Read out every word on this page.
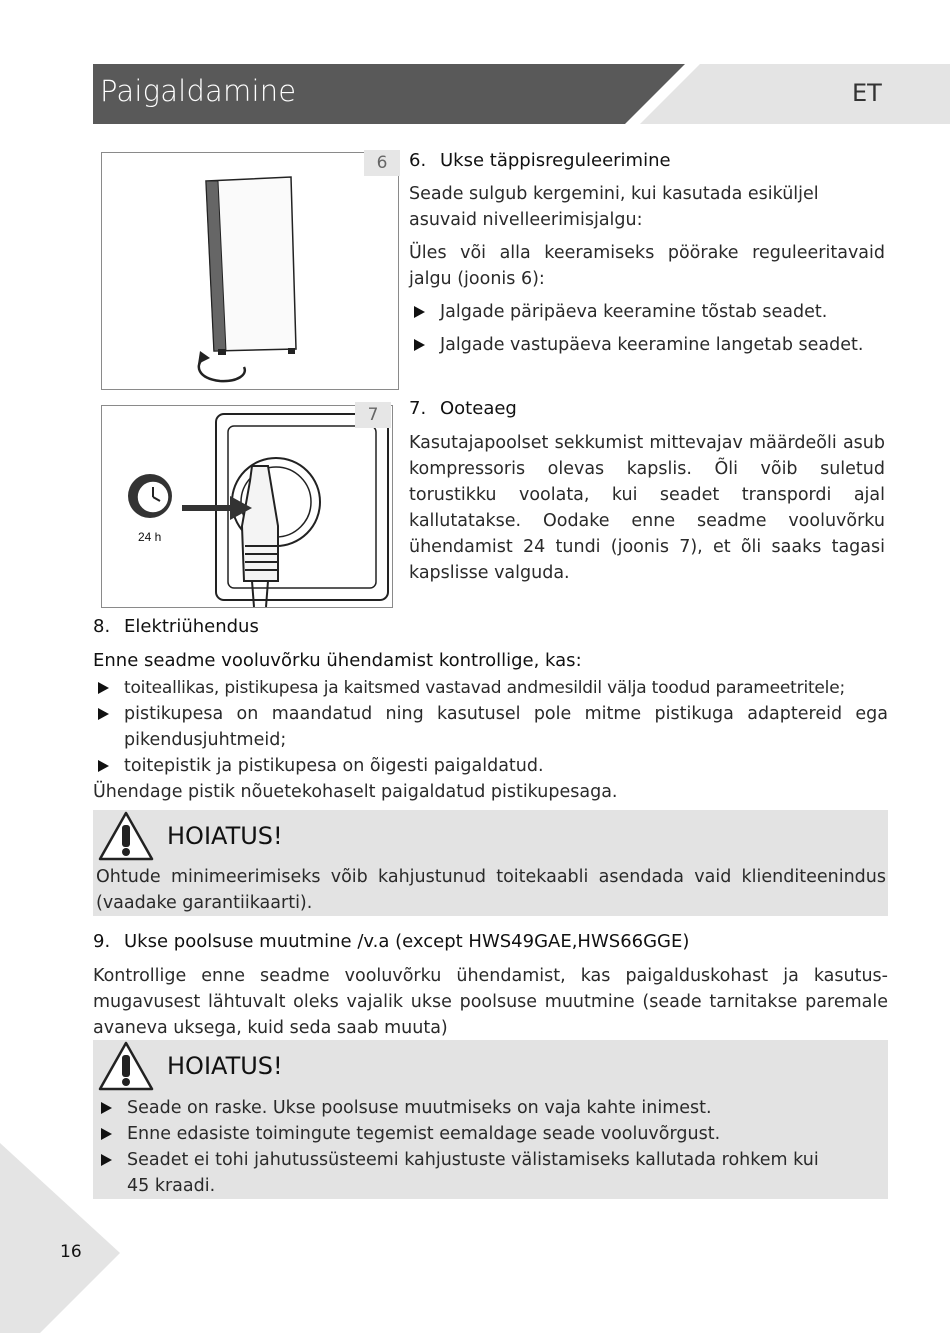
Paigaldamine	ET
6
24 h
7
6. Ukse täppisreguleerimine
Seade sulgub kergemini, kui kasutada esiküljel asuvaid nivelleerimisjalgu:
Üles või alla keeramiseks pöörake reguleeritavaid jalgu (joonis 6):
Jalgade päripäeva keeramine tõstab seadet.
Jalgade vastupäeva keeramine langetab seadet.
7. Ooteaeg
Kasutajapoolset sekkumist mittevajav määrdeõli asub kompressoris olevas kapslis. Õli võib suletud torustikku voolata, kui seadet transpordi ajal kallutatakse. Oodake enne seadme vooluvõrku ühendamist 24 tundi (joonis 7), et õli saaks tagasi kapslisse valguda.
8. Elektriühendus
Enne seadme vooluvõrku ühendamist kontrollige, kas:
toiteallikas, pistikupesa ja kaitsmed vastavad andmesildil välja toodud parameetritele;
pistikupesa on maandatud ning kasutusel pole mitme pistikuga adaptereid ega pikendusjuhtmeid;
toitepistik ja pistikupesa on õigesti paigaldatud.
Ühendage pistik nõuetekohaselt paigaldatud pistikupesaga.
HOIATUS!
Ohtude minimeerimiseks võib kahjustunud toitekaabli asendada vaid klienditeenindus (vaadake garantiikaarti).
9. Ukse poolsuse muutmine /v.a (except HWS49GAE,HWS66GGE)
Kontrollige enne seadme vooluvõrku ühendamist, kas paigalduskohast ja kasutus-mugavusest lähtuvalt oleks vajalik ukse poolsuse muutmine (seade tarnitakse paremale avaneva uksega, kuid seda saab muuta)
HOIATUS!
Seade on raske. Ukse poolsuse muutmiseks on vaja kahte inimest.
Enne edasiste toimingute tegemist eemaldage seade vooluvõrgust.
Seadet ei tohi jahutussüsteemi kahjustuste välistamiseks kallutada rohkem kui 45 kraadi.
16
